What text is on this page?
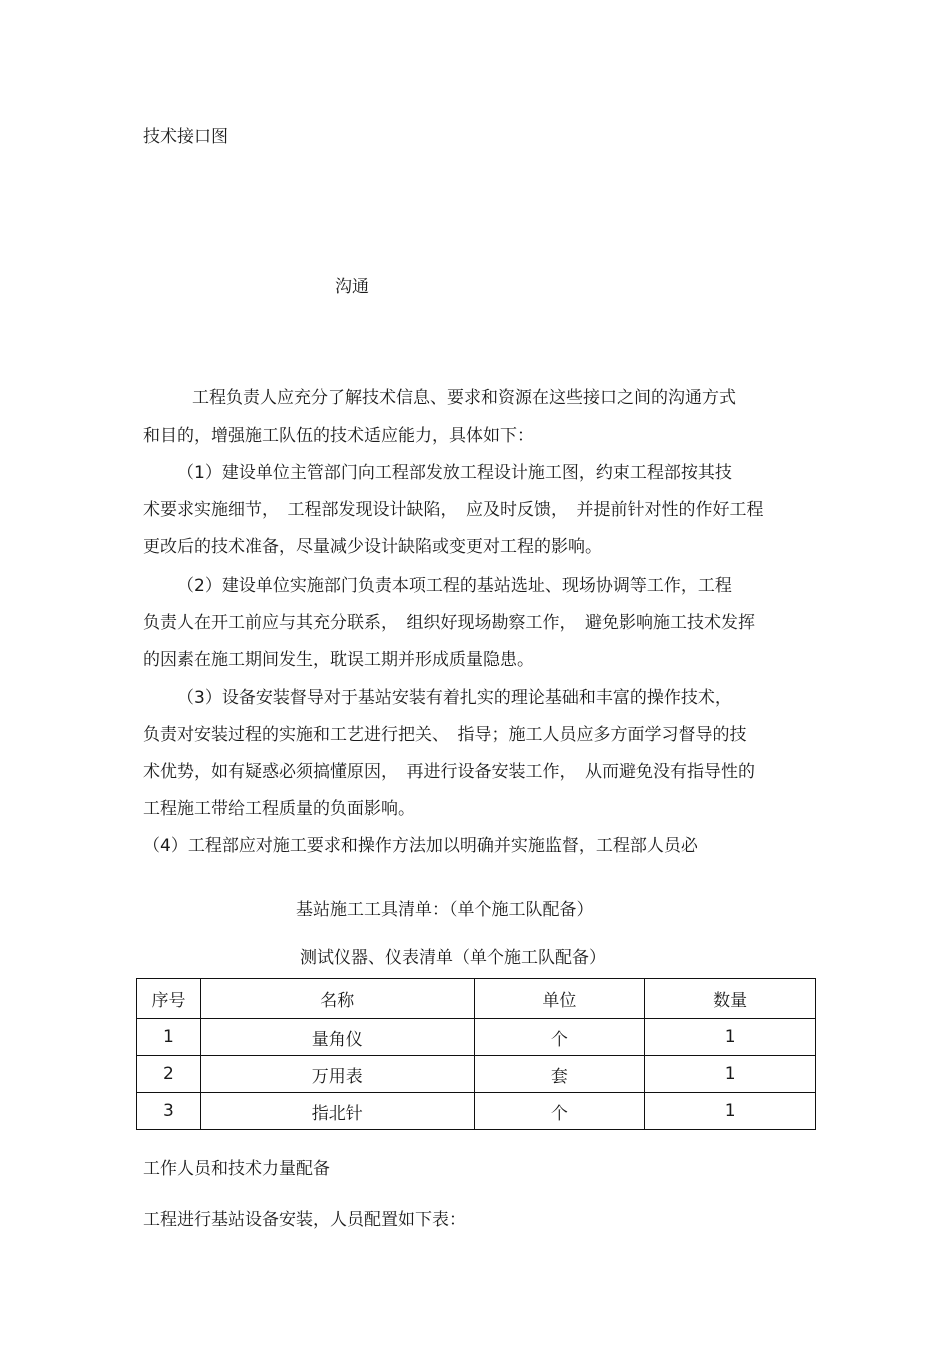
技术接口图
沟通
工程负责人应充分了解技术信息、要求和资源在这些接口之间的沟通方式
和目的，增强施工队伍的技术适应能力，具体如下：
（1）建设单位主管部门向工程部发放工程设计施工图，约束工程部按其技
术要求实施细节，　工程部发现设计缺陷，　应及时反馈，　并提前针对性的作好工程
更改后的技术准备，尽量减少设计缺陷或变更对工程的影响。
（2）建设单位实施部门负责本项工程的基站选址、现场协调等工作，工程
负责人在开工前应与其充分联系，　组织好现场勘察工作，　避免影响施工技术发挥
的因素在施工期间发生，耽误工期并形成质量隐患。
（3）设备安装督导对于基站安装有着扎实的理论基础和丰富的操作技术，
负责对安装过程的实施和工艺进行把关、　指导；施工人员应多方面学习督导的技
术优势，如有疑惑必须搞懂原因，　再进行设备安装工作，　从而避免没有指导性的
工程施工带给工程质量的负面影响。
（4）工程部应对施工要求和操作方法加以明确并实施监督，工程部人员必
基站施工工具清单：（单个施工队配备）
测试仪器、仪表清单（单个施工队配备）
序号	名称	单位	数量
1	量角仪	个	1
2	万用表	套	1
3	指北针	个	1
工作人员和技术力量配备
工程进行基站设备安装，人员配置如下表：
